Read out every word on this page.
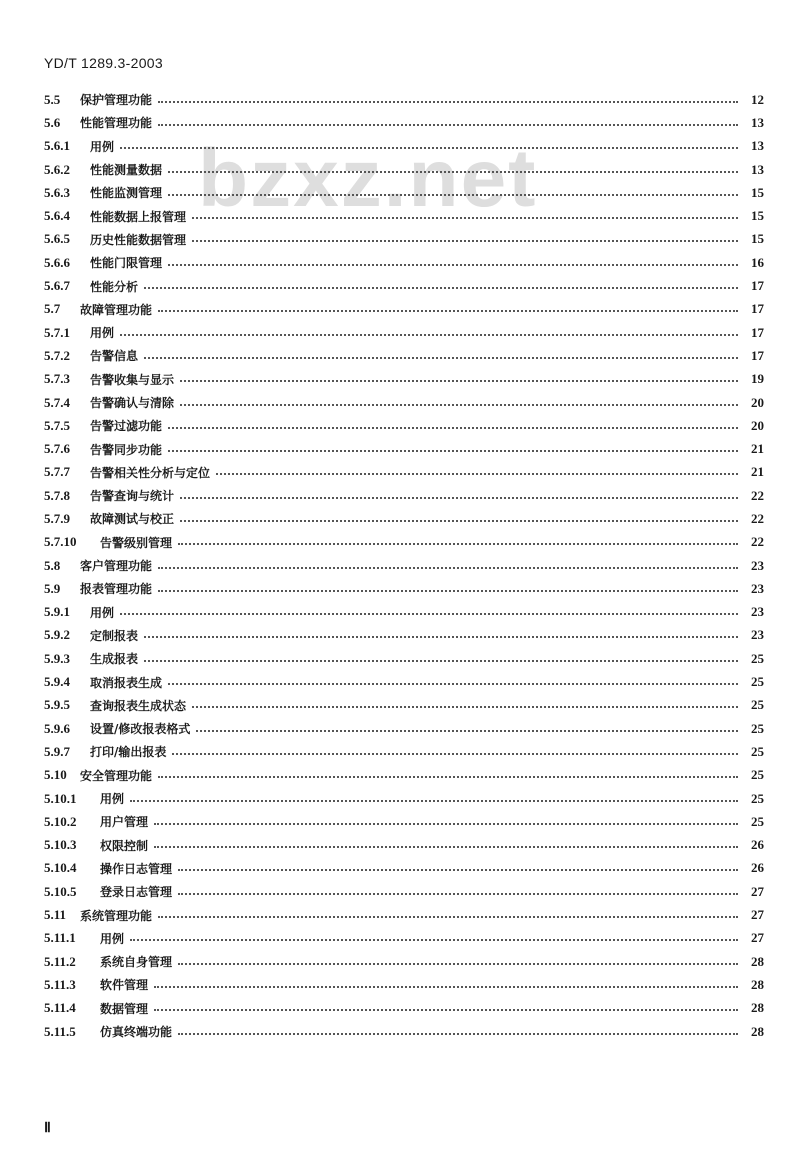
YD/T 1289.3-2003
bzxz.net
5.5	保护管理功能	12
5.6	性能管理功能	13
5.6.1	用例	13
5.6.2	性能测量数据	13
5.6.3	性能监测管理	15
5.6.4	性能数据上报管理	15
5.6.5	历史性能数据管理	15
5.6.6	性能门限管理	16
5.6.7	性能分析	17
5.7	故障管理功能	17
5.7.1	用例	17
5.7.2	告警信息	17
5.7.3	告警收集与显示	19
5.7.4	告警确认与清除	20
5.7.5	告警过滤功能	20
5.7.6	告警同步功能	21
5.7.7	告警相关性分析与定位	21
5.7.8	告警查询与统计	22
5.7.9	故障测试与校正	22
5.7.10	告警级别管理	22
5.8	客户管理功能	23
5.9	报表管理功能	23
5.9.1	用例	23
5.9.2	定制报表	23
5.9.3	生成报表	25
5.9.4	取消报表生成	25
5.9.5	查询报表生成状态	25
5.9.6	设置/修改报表格式	25
5.9.7	打印/输出报表	25
5.10	安全管理功能	25
5.10.1	用例	25
5.10.2	用户管理	25
5.10.3	权限控制	26
5.10.4	操作日志管理	26
5.10.5	登录日志管理	27
5.11	系统管理功能	27
5.11.1	用例	27
5.11.2	系统自身管理	28
5.11.3	软件管理	28
5.11.4	数据管理	28
5.11.5	仿真终端功能	28
Ⅱ
